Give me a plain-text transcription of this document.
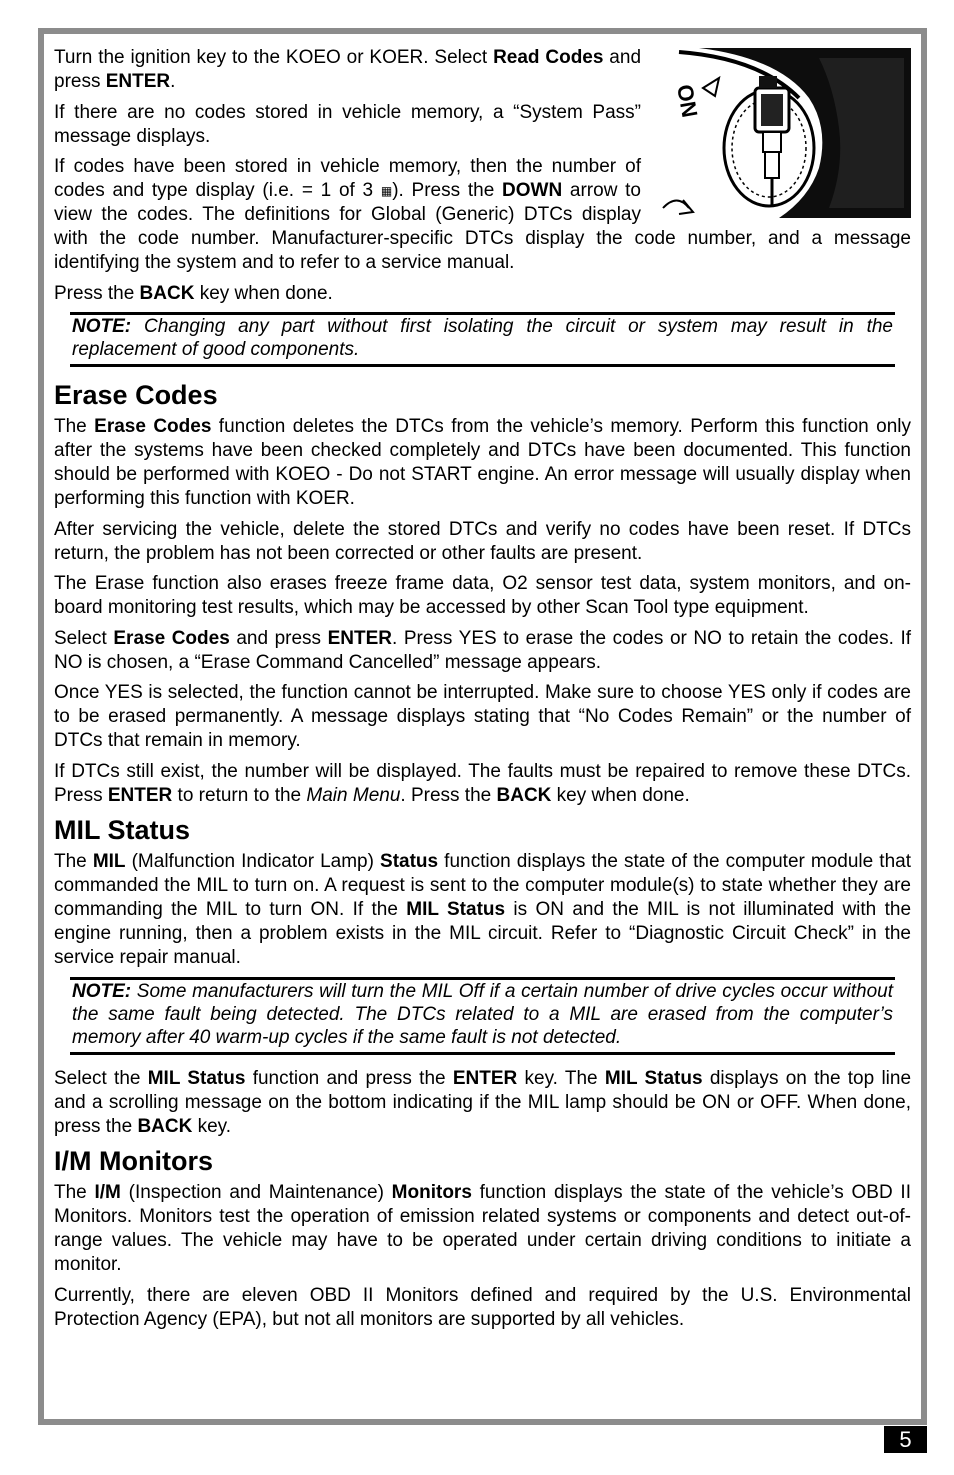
ON

Turn the ignition key to the KOEO or KOER. Select Read Codes and press ENTER.

If there are no codes stored in vehicle memory, a “System Pass” message displays.

If codes have been stored in vehicle memory, then the number of codes and type display (i.e. = 1 of 3 ▦). Press the DOWN arrow to view the codes. The definitions for Global (Generic) DTCs display with the code number. Manufacturer-specific DTCs display the code number, and a message identifying the system and to refer to a service manual.

Press the BACK key when done.

NOTE: Changing any part without first isolating the circuit or system may result in the replacement of good components.

Erase Codes

The Erase Codes function deletes the DTCs from the vehicle’s memory. Perform this function only after the systems have been checked completely and DTCs have been documented. This function should be performed with KOEO - Do not START engine. An error message will usually display when performing this function with KOER.

After servicing the vehicle, delete the stored DTCs and verify no codes have been reset. If DTCs return, the problem has not been corrected or other faults are present.

The Erase function also erases freeze frame data, O2 sensor test data, system monitors, and on-board monitoring test results, which may be accessed by other Scan Tool type equipment.

Select Erase Codes and press ENTER. Press YES to erase the codes or NO to retain the codes. If NO is chosen, a “Erase Command Cancelled” message appears.

Once YES is selected, the function cannot be interrupted. Make sure to choose YES only if codes are to be erased permanently. A message displays stating that “No Codes Remain” or the number of DTCs that remain in memory.

If DTCs still exist, the number will be displayed. The faults must be repaired to remove these DTCs. Press ENTER to return to the Main Menu. Press the BACK key when done.

MIL Status

The MIL (Malfunction Indicator Lamp) Status function displays the state of the computer module that commanded the MIL to turn on. A request is sent to the computer module(s) to state whether they are commanding the MIL to turn ON. If the MIL Status is ON and the MIL is not illuminated with the engine running, then a problem exists in the MIL circuit. Refer to “Diagnostic Circuit Check” in the service repair manual.

NOTE: Some manufacturers will turn the MIL Off if a certain number of drive cycles occur without the same fault being detected. The DTCs related to a MIL are erased from the computer’s memory after 40 warm-up cycles if the same fault is not detected.

Select the MIL Status function and press the ENTER key. The MIL Status displays on the top line and a scrolling message on the bottom indicating if the MIL lamp should be ON or OFF. When done, press the BACK key.

I/M Monitors

The I/M (Inspection and Maintenance) Monitors function displays the state of the vehicle’s OBD II Monitors. Monitors test the operation of emission related systems or components and detect out-of-range values. The vehicle may have to be operated under certain driving conditions to initiate a monitor.

Currently, there are eleven OBD II Monitors defined and required by the U.S. Environmental Protection Agency (EPA), but not all monitors are supported by all vehicles.

5
